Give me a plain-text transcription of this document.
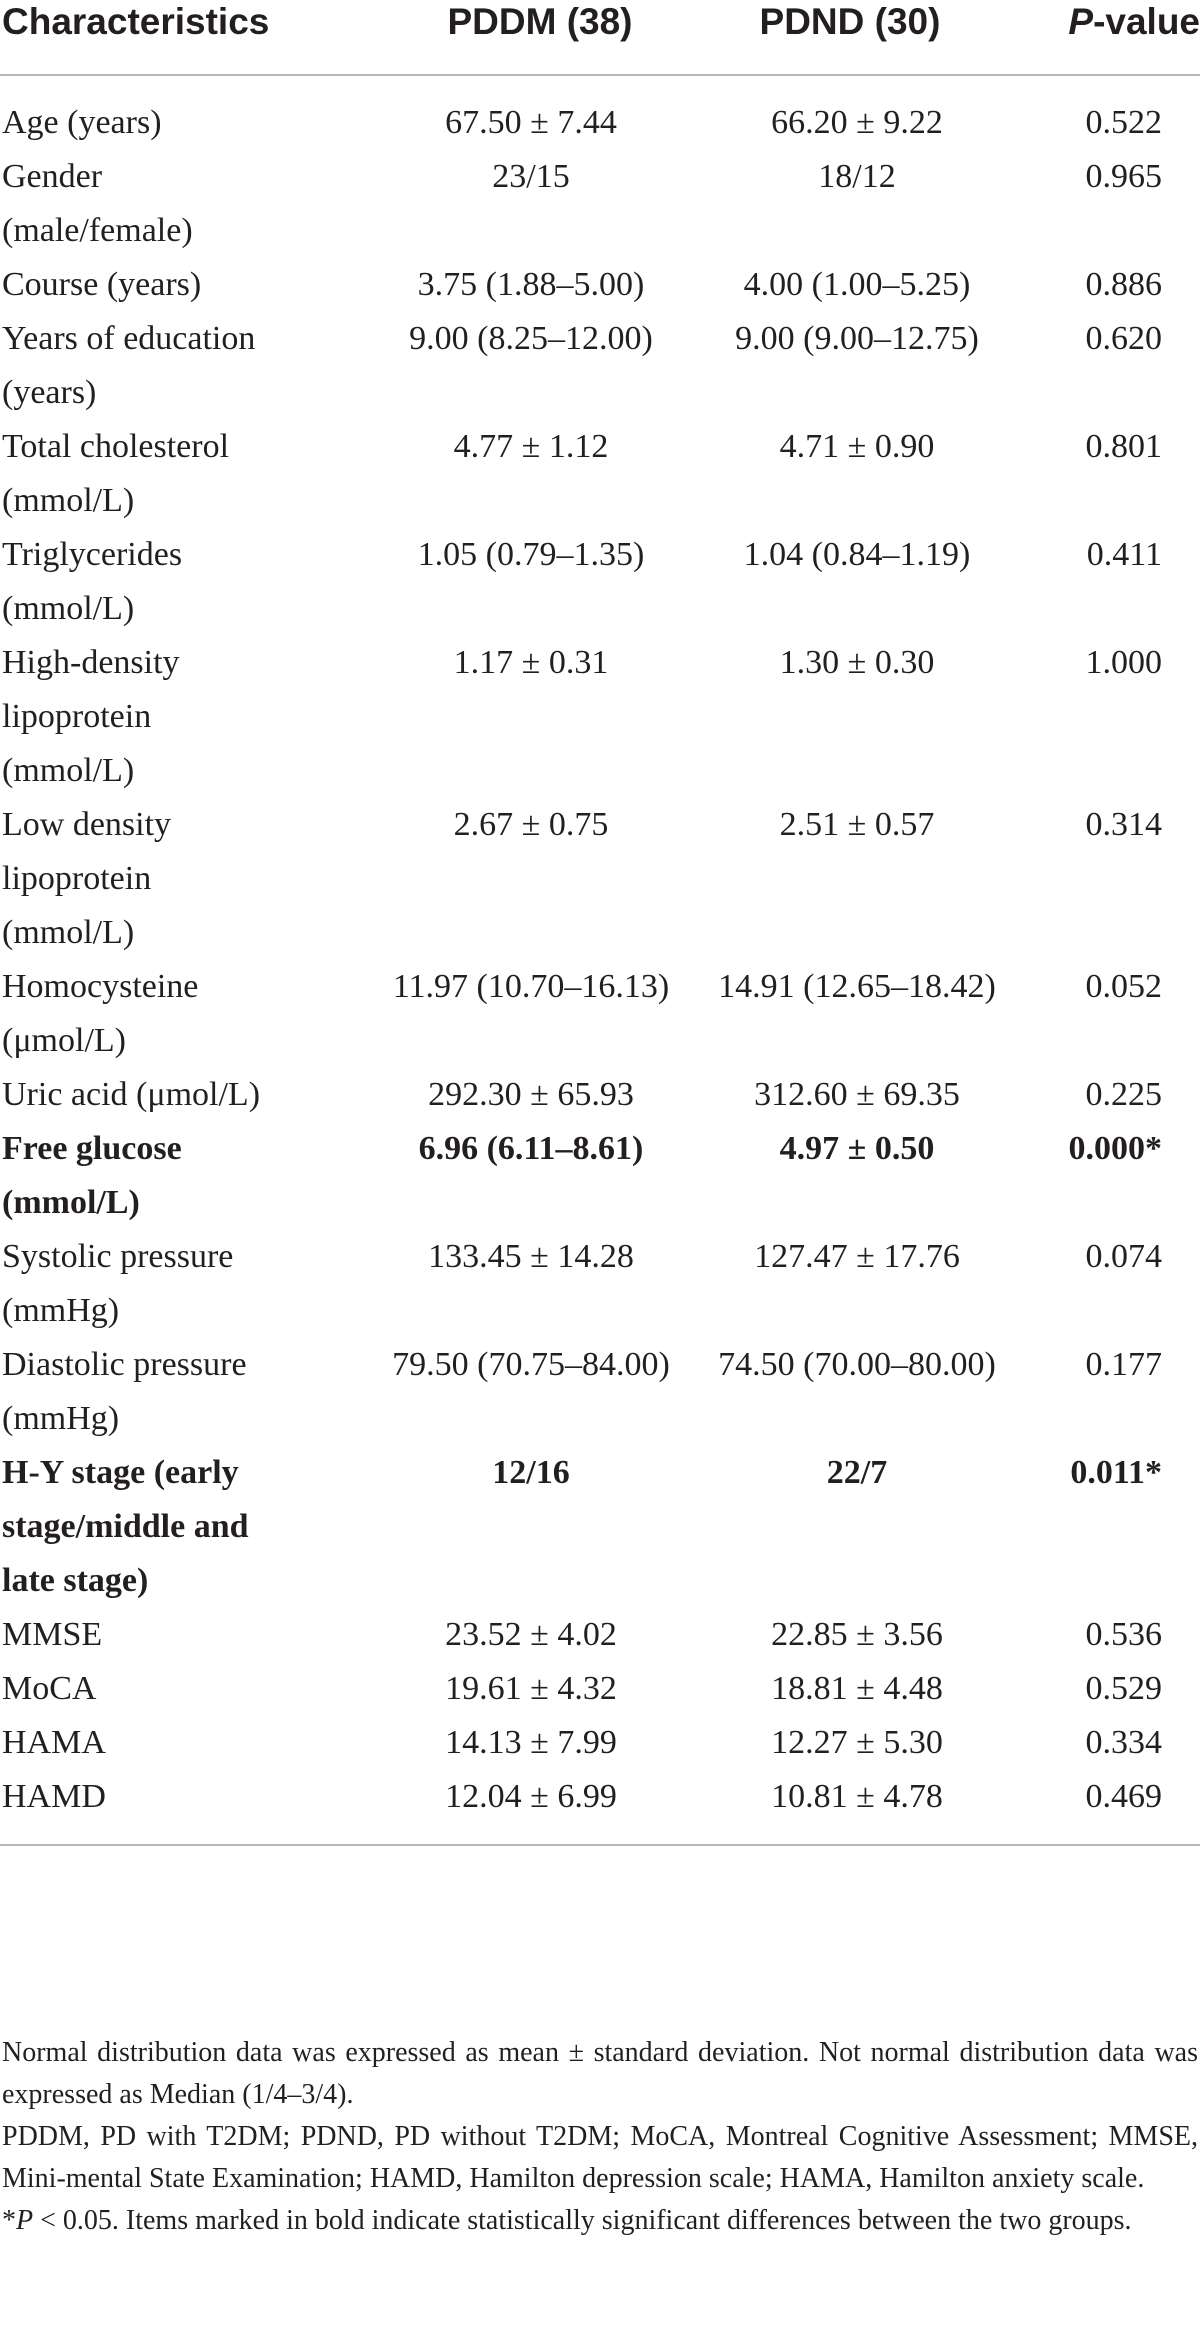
Characteristics	PDDM (38)	PDND (30)	P-value

Age (years)	67.50 ± 7.44	66.20 ± 9.22	0.522

Gender
(male/female)	23/15	18/12	0.965

Course (years)	3.75 (1.88–5.00)	4.00 (1.00–5.25)	0.886

Years of education
(years)	9.00 (8.25–12.00)	9.00 (9.00–12.75)	0.620

Total cholesterol
(mmol/L)	4.77 ± 1.12	4.71 ± 0.90	0.801

Triglycerides
(mmol/L)	1.05 (0.79–1.35)	1.04 (0.84–1.19)	0.411

High-density
lipoprotein
(mmol/L)	1.17 ± 0.31	1.30 ± 0.30	1.000

Low density
lipoprotein
(mmol/L)	2.67 ± 0.75	2.51 ± 0.57	0.314

Homocysteine
(μmol/L)	11.97 (10.70–16.13)	14.91 (12.65–18.42)	0.052

Uric acid (μmol/L)	292.30 ± 65.93	312.60 ± 69.35	0.225

Free glucose
(mmol/L)	6.96 (6.11–8.61)	4.97 ± 0.50	0.000*

Systolic pressure
(mmHg)	133.45 ± 14.28	127.47 ± 17.76	0.074

Diastolic pressure
(mmHg)	79.50 (70.75–84.00)	74.50 (70.00–80.00)	0.177

H-Y stage (early
stage/middle and
late stage)	12/16	22/7	0.011*

MMSE	23.52 ± 4.02	22.85 ± 3.56	0.536

MoCA	19.61 ± 4.32	18.81 ± 4.48	0.529

HAMA	14.13 ± 7.99	12.27 ± 5.30	0.334

HAMD	12.04 ± 6.99	10.81 ± 4.78	0.469

Normal distribution data was expressed as mean ± standard deviation. Not normal distribution data was expressed as Median (1/4–3/4).

PDDM, PD with T2DM; PDND, PD without T2DM; MoCA, Montreal Cognitive Assessment; MMSE, Mini-mental State Examination; HAMD, Hamilton depression scale; HAMA, Hamilton anxiety scale.

*P < 0.05. Items marked in bold indicate statistically significant differences between the two groups.
